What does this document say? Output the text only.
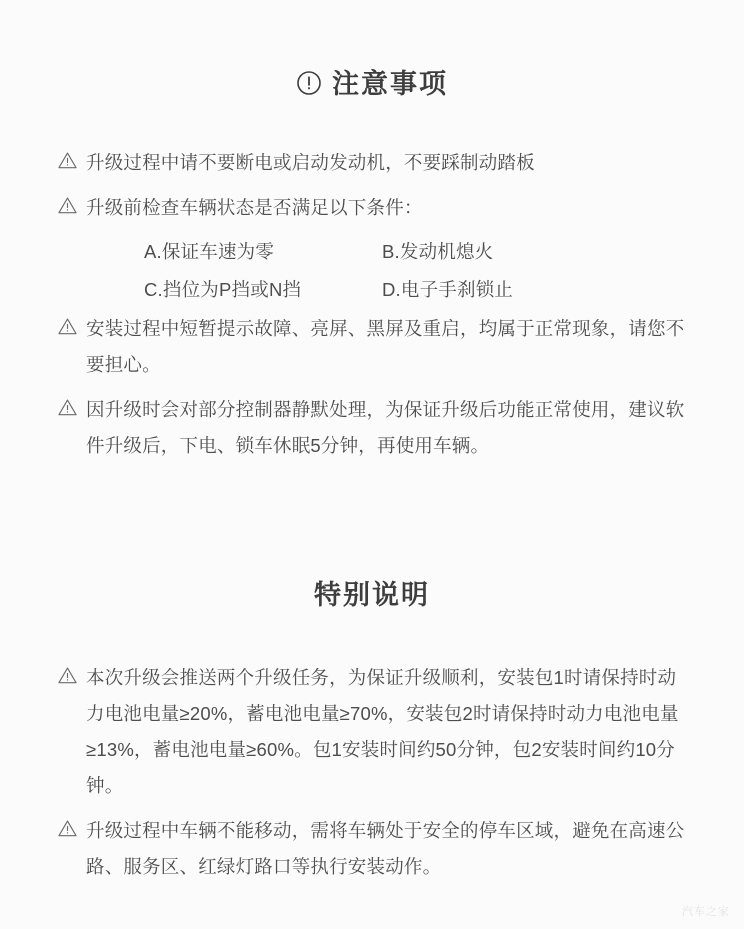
注意事项
升级过程中请不要断电或启动发动机，不要踩制动踏板
升级前检查车辆状态是否满足以下条件：
A.保证车速为零	B.发动机熄火
C.挡位为P挡或N挡	D.电子手刹锁止
安装过程中短暂提示故障、亮屏、黑屏及重启，均属于正常现象，请您不要担心。
因升级时会对部分控制器静默处理，为保证升级后功能正常使用，建议软件升级后，下电、锁车休眠5分钟，再使用车辆。
特别说明
本次升级会推送两个升级任务，为保证升级顺利，安装包1时请保持时动力电池电量≥20%，蓄电池电量≥70%，安装包2时请保持时动力电池电量≥13%，蓄电池电量≥60%。包1安装时间约50分钟，包2安装时间约10分钟。
升级过程中车辆不能移动，需将车辆处于安全的停车区域，避免在高速公路、服务区、红绿灯路口等执行安装动作。
汽车之家
